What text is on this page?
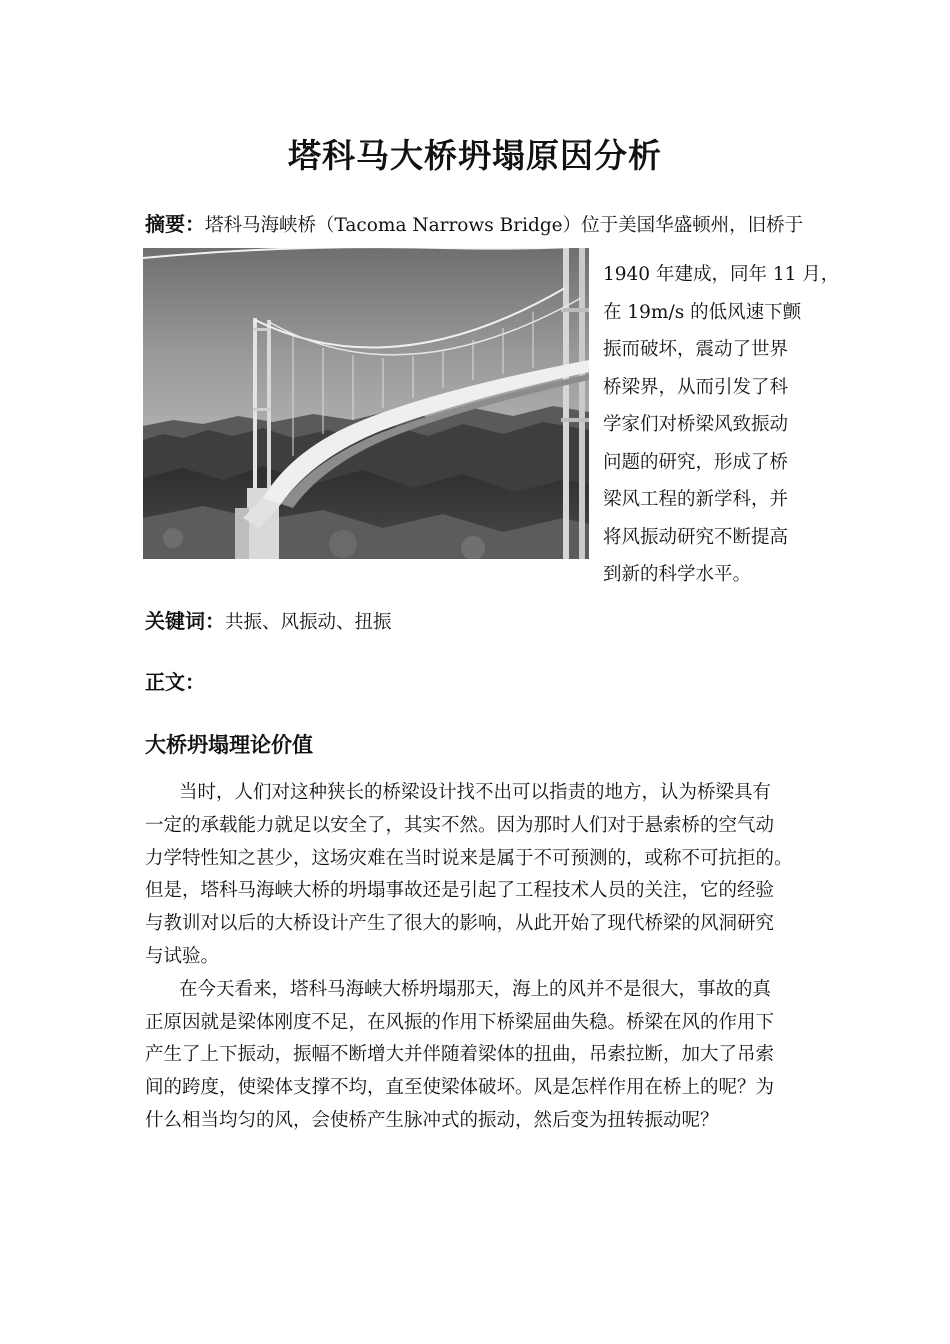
塔科马大桥坍塌原因分析
摘要：塔科马海峡桥（Tacoma Narrows Bridge）位于美国华盛顿州，旧桥于
1940 年建成，同年 11 月，
在 19m/s 的低风速下颤
振而破坏，震动了世界
桥梁界，从而引发了科
学家们对桥梁风致振动
问题的研究，形成了桥
梁风工程的新学科，并
将风振动研究不断提高
到新的科学水平。
关键词：共振、风振动、扭振
正文：
大桥坍塌理论价值
当时，人们对这种狭长的桥梁设计找不出可以指责的地方，认为桥梁具有
一定的承载能力就足以安全了，其实不然。因为那时人们对于悬索桥的空气动
力学特性知之甚少，这场灾难在当时说来是属于不可预测的，或称不可抗拒的。
但是，塔科马海峡大桥的坍塌事故还是引起了工程技术人员的关注，它的经验
与教训对以后的大桥设计产生了很大的影响，从此开始了现代桥梁的风洞研究
与试验。
在今天看来，塔科马海峡大桥坍塌那天，海上的风并不是很大，事故的真
正原因就是梁体刚度不足，在风振的作用下桥梁屈曲失稳。桥梁在风的作用下
产生了上下振动，振幅不断增大并伴随着梁体的扭曲，吊索拉断，加大了吊索
间的跨度，使梁体支撑不均，直至使梁体破坏。风是怎样作用在桥上的呢？为
什么相当均匀的风，会使桥产生脉冲式的振动，然后变为扭转振动呢？
